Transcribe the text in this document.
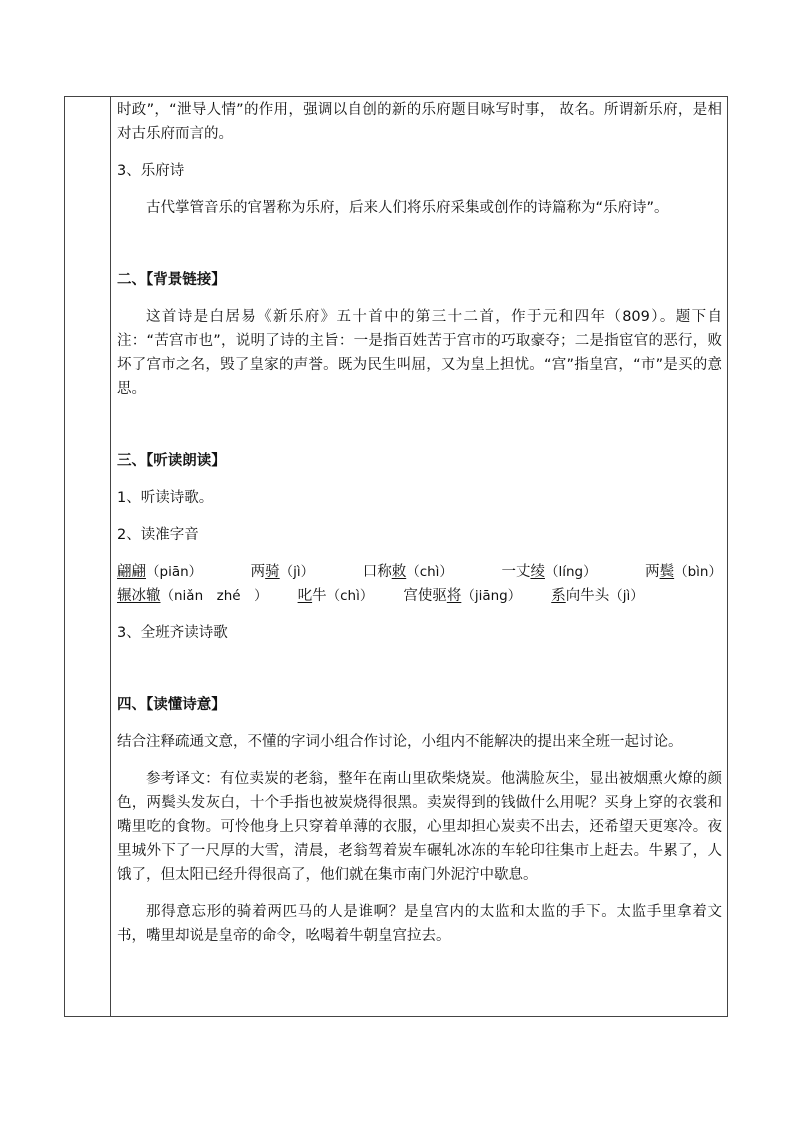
时政”，“泄导人情”的作用，强调以自创的新的乐府题目咏写时事， 故名。所谓新乐府，是相对古乐府而言的。

3、乐府诗

古代掌管音乐的官署称为乐府，后来人们将乐府采集或创作的诗篇称为“乐府诗”。

二、【背景链接】

这首诗是白居易《新乐府》五十首中的第三十二首，作于元和四年（809）。题下自注：“苦宫市也”，说明了诗的主旨：一是指百姓苦于宫市的巧取豪夺；二是指宦官的恶行，败坏了宫市之名，毁了皇家的声誉。既为民生叫屈，又为皇上担忧。“宫”指皇宫，“市”是买的意思。

三、【听读朗读】

1、听读诗歌。

2、读准字音

翩翩（piān）	两骑（jì）	口称敕（chì）	一丈绫（líng）	两鬓（bìn）
辗冰辙（niǎn　zhé　） 叱牛（chì） 宫使驱将（jiāng） 系向牛头（jì）

3、全班齐读诗歌

四、【读懂诗意】

结合注释疏通文意，不懂的字词小组合作讨论，小组内不能解决的提出来全班一起讨论。

参考译文：有位卖炭的老翁，整年在南山里砍柴烧炭。他满脸灰尘，显出被烟熏火燎的颜色，两鬓头发灰白，十个手指也被炭烧得很黑。卖炭得到的钱做什么用呢？买身上穿的衣裳和嘴里吃的食物。可怜他身上只穿着单薄的衣服，心里却担心炭卖不出去，还希望天更寒冷。夜里城外下了一尺厚的大雪，清晨，老翁驾着炭车碾轧冰冻的车轮印往集市上赶去。牛累了，人饿了，但太阳已经升得很高了，他们就在集市南门外泥泞中歇息。

那得意忘形的骑着两匹马的人是谁啊？是皇宫内的太监和太监的手下。太监手里拿着文书，嘴里却说是皇帝的命令，吆喝着牛朝皇宫拉去。
